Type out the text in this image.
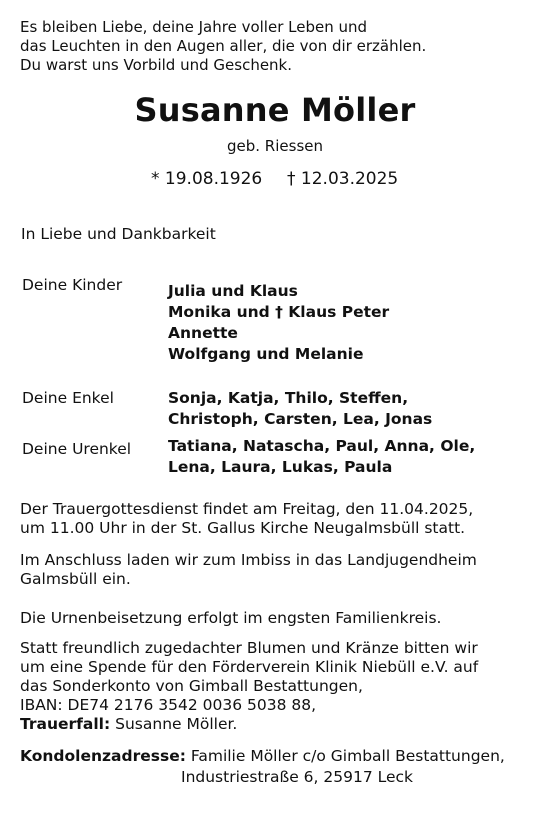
Es bleiben Liebe, deine Jahre voller Leben und
das Leuchten in den Augen aller, die von dir erzählen.
Du warst uns Vorbild und Geschenk.
Susanne Möller
geb. Riessen
* 19.08.1926 † 12.03.2025
In Liebe und Dankbarkeit
Deine Kinder	Julia und Klaus
Monika und † Klaus Peter
Annette
Wolfgang und Melanie
Deine Enkel	Sonja, Katja, Thilo, Steffen,
Christoph, Carsten, Lea, Jonas
Deine Urenkel Tatiana, Natascha, Paul, Anna, Ole,
Lena, Laura, Lukas, Paula
Der Trauergottesdienst findet am Freitag, den 11.04.2025,
um 11.00 Uhr in der St. Gallus Kirche Neugalmsbüll statt.
Im Anschluss laden wir zum Imbiss in das Landjugendheim
Galmsbüll ein.
Die Urnenbeisetzung erfolgt im engsten Familienkreis.
Statt freundlich zugedachter Blumen und Kränze bitten wir
um eine Spende für den Förderverein Klinik Niebüll e.V. auf
das Sonderkonto von Gimball Bestattungen,
IBAN: DE74 2176 3542 0036 5038 88,
Trauerfall: Susanne Möller.
Kondolenzadresse: Familie Möller c/o Gimball Bestattungen,
Industriestraße 6, 25917 Leck
